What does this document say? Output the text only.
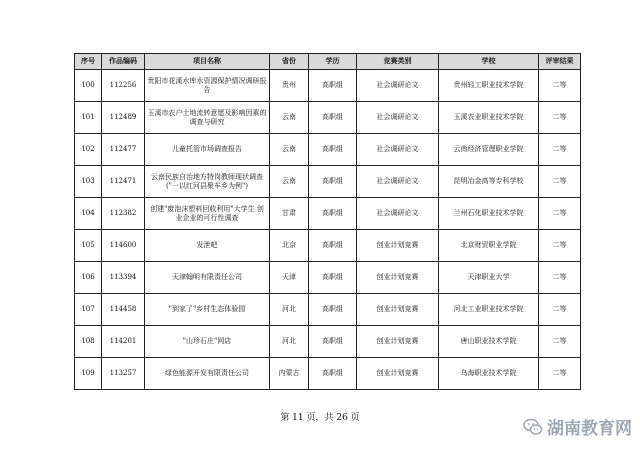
序号	作品编码	项目名称	省份	学历	竞赛类别	学校	评审结果
100	112256	贵阳市花溪水库水资源保护情况调研报告	贵州	高职组	社会调研论文	贵州轻工职业技术学院	二等
101	112489	玉溪市农户土地流转意愿及影响因素的调查与研究	云南	高职组	社会调研论文	玉溪农业职业技术学院	二等
102	112477	儿童托管市场调查报告	云南	高职组	社会调研论文	云南经济管理职业学院	二等
103	112471	云南民族自治地方特岗教师现状调查("一以红河县聚车乡为例")	云南	高职组	社会调研论文	昆明冶金高等专科学校	二等
104	112382	创建"废泡沫塑料回收利用"大学生 创业企业的可行性调查	甘肃	高职组	社会调研论文	兰州石化职业技术学院	二等
105	114600	发泄吧	北京	高职组	创业计划竞赛	北京财贸职业学院	二等
106	113394	天津翰明有限责任公司	天津	高职组	创业计划竞赛	天津职业大学	二等
107	114458	"到家了"乡村生态体验园	河北	高职组	创业计划竞赛	河北工业职业技术学院	二等
108	114201	"山珍石庄"网店	河北	高职组	创业计划竞赛	唐山职业技术学院	二等
109	113257	绿色能源开发有限责任公司	内蒙古	高职组	创业计划竞赛	乌海职业技术学院	二等
第 11 页，共 26 页
湖南教育网
